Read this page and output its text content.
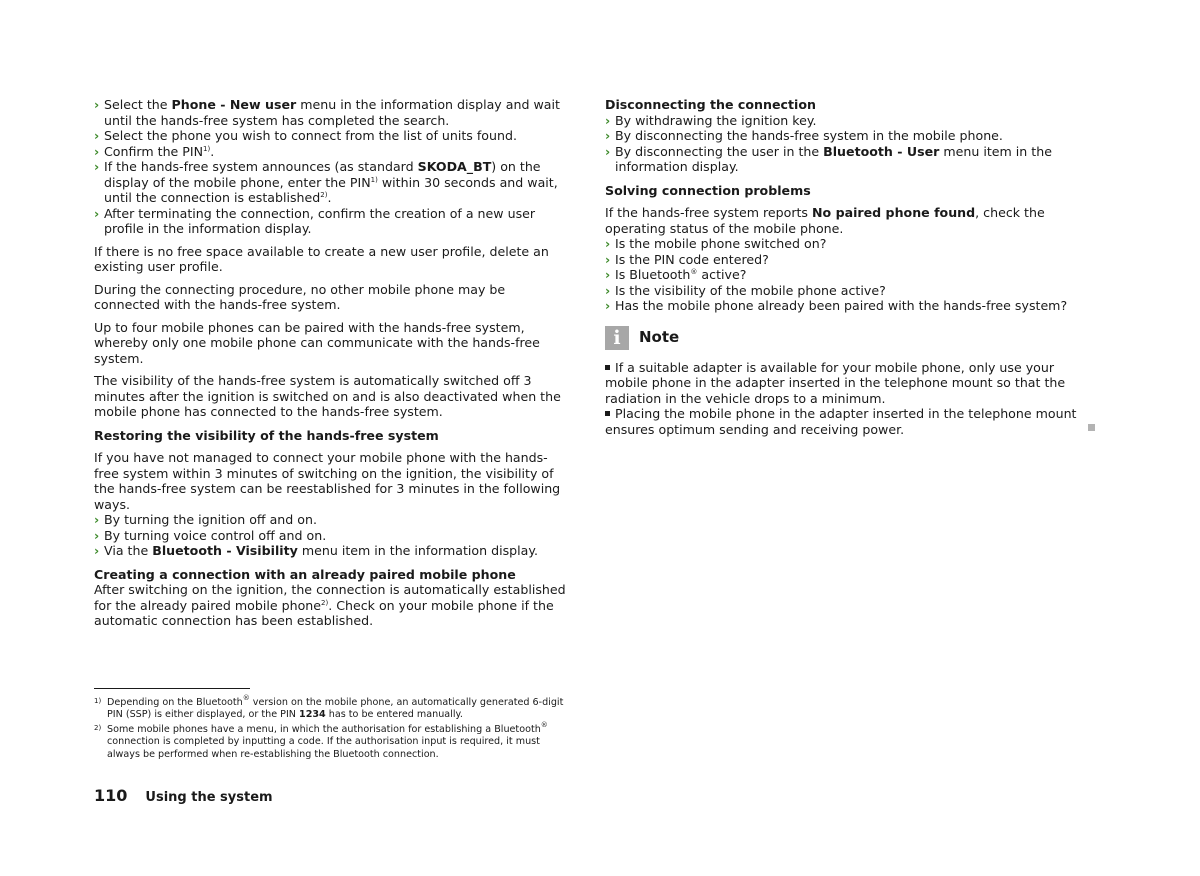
› Select the Phone - New user menu in the information display and wait until the hands-free system has completed the search.
› Select the phone you wish to connect from the list of units found.
› Confirm the PIN$^{1)}$.
› If the hands-free system announces (as standard SKODA_BT) on the display of the mobile phone, enter the PIN$^{1)}$ within 30 seconds and wait, until the connection is established$^{2)}$.
› After terminating the connection, confirm the creation of a new user profile in the information display.

If there is no free space available to create a new user profile, delete an existing user profile.

During the connecting procedure, no other mobile phone may be connected with the hands-free system.

Up to four mobile phones can be paired with the hands-free system, whereby only one mobile phone can communicate with the hands-free system.

The visibility of the hands-free system is automatically switched off 3 minutes after the ignition is switched on and is also deactivated when the mobile phone has connected to the hands-free system.

Restoring the visibility of the hands-free system

If you have not managed to connect your mobile phone with the hands-free system within 3 minutes of switching on the ignition, the visibility of the hands-free system can be reestablished for 3 minutes in the following ways.

› By turning the ignition off and on.
› By turning voice control off and on.
› Via the Bluetooth - Visibility menu item in the information display.
Creating a connection with an already paired mobile phone

After switching on the ignition, the connection is automatically established for the already paired mobile phone$^{2)}$. Check on your mobile phone if the automatic connection has been established.

Disconnecting the connection
› By withdrawing the ignition key.
› By disconnecting the hands-free system in the mobile phone.
› By disconnecting the user in the Bluetooth - User menu item in the information display.
Solving connection problems

If the hands-free system reports No paired phone found, check the operating status of the mobile phone.

› Is the mobile phone switched on?
› Is the PIN code entered?
› Is Bluetooth® active?
› Is the visibility of the mobile phone active?
› Has the mobile phone already been paired with the hands-free system?
i	Note
If a suitable adapter is available for your mobile phone, only use your mobile phone in the adapter inserted in the telephone mount so that the radiation in the vehicle drops to a minimum.
Placing the mobile phone in the adapter inserted in the telephone mount ensures optimum sending and receiving power.
1) Depending on the Bluetooth® version on the mobile phone, an automatically generated 6-digit PIN (SSP) is either displayed, or the PIN 1234 has to be entered manually.
2) Some mobile phones have a menu, in which the authorisation for establishing a Bluetooth® connection is completed by inputting a code. If the authorisation input is required, it must always be performed when re-establishing the Bluetooth connection.
110 Using the system
